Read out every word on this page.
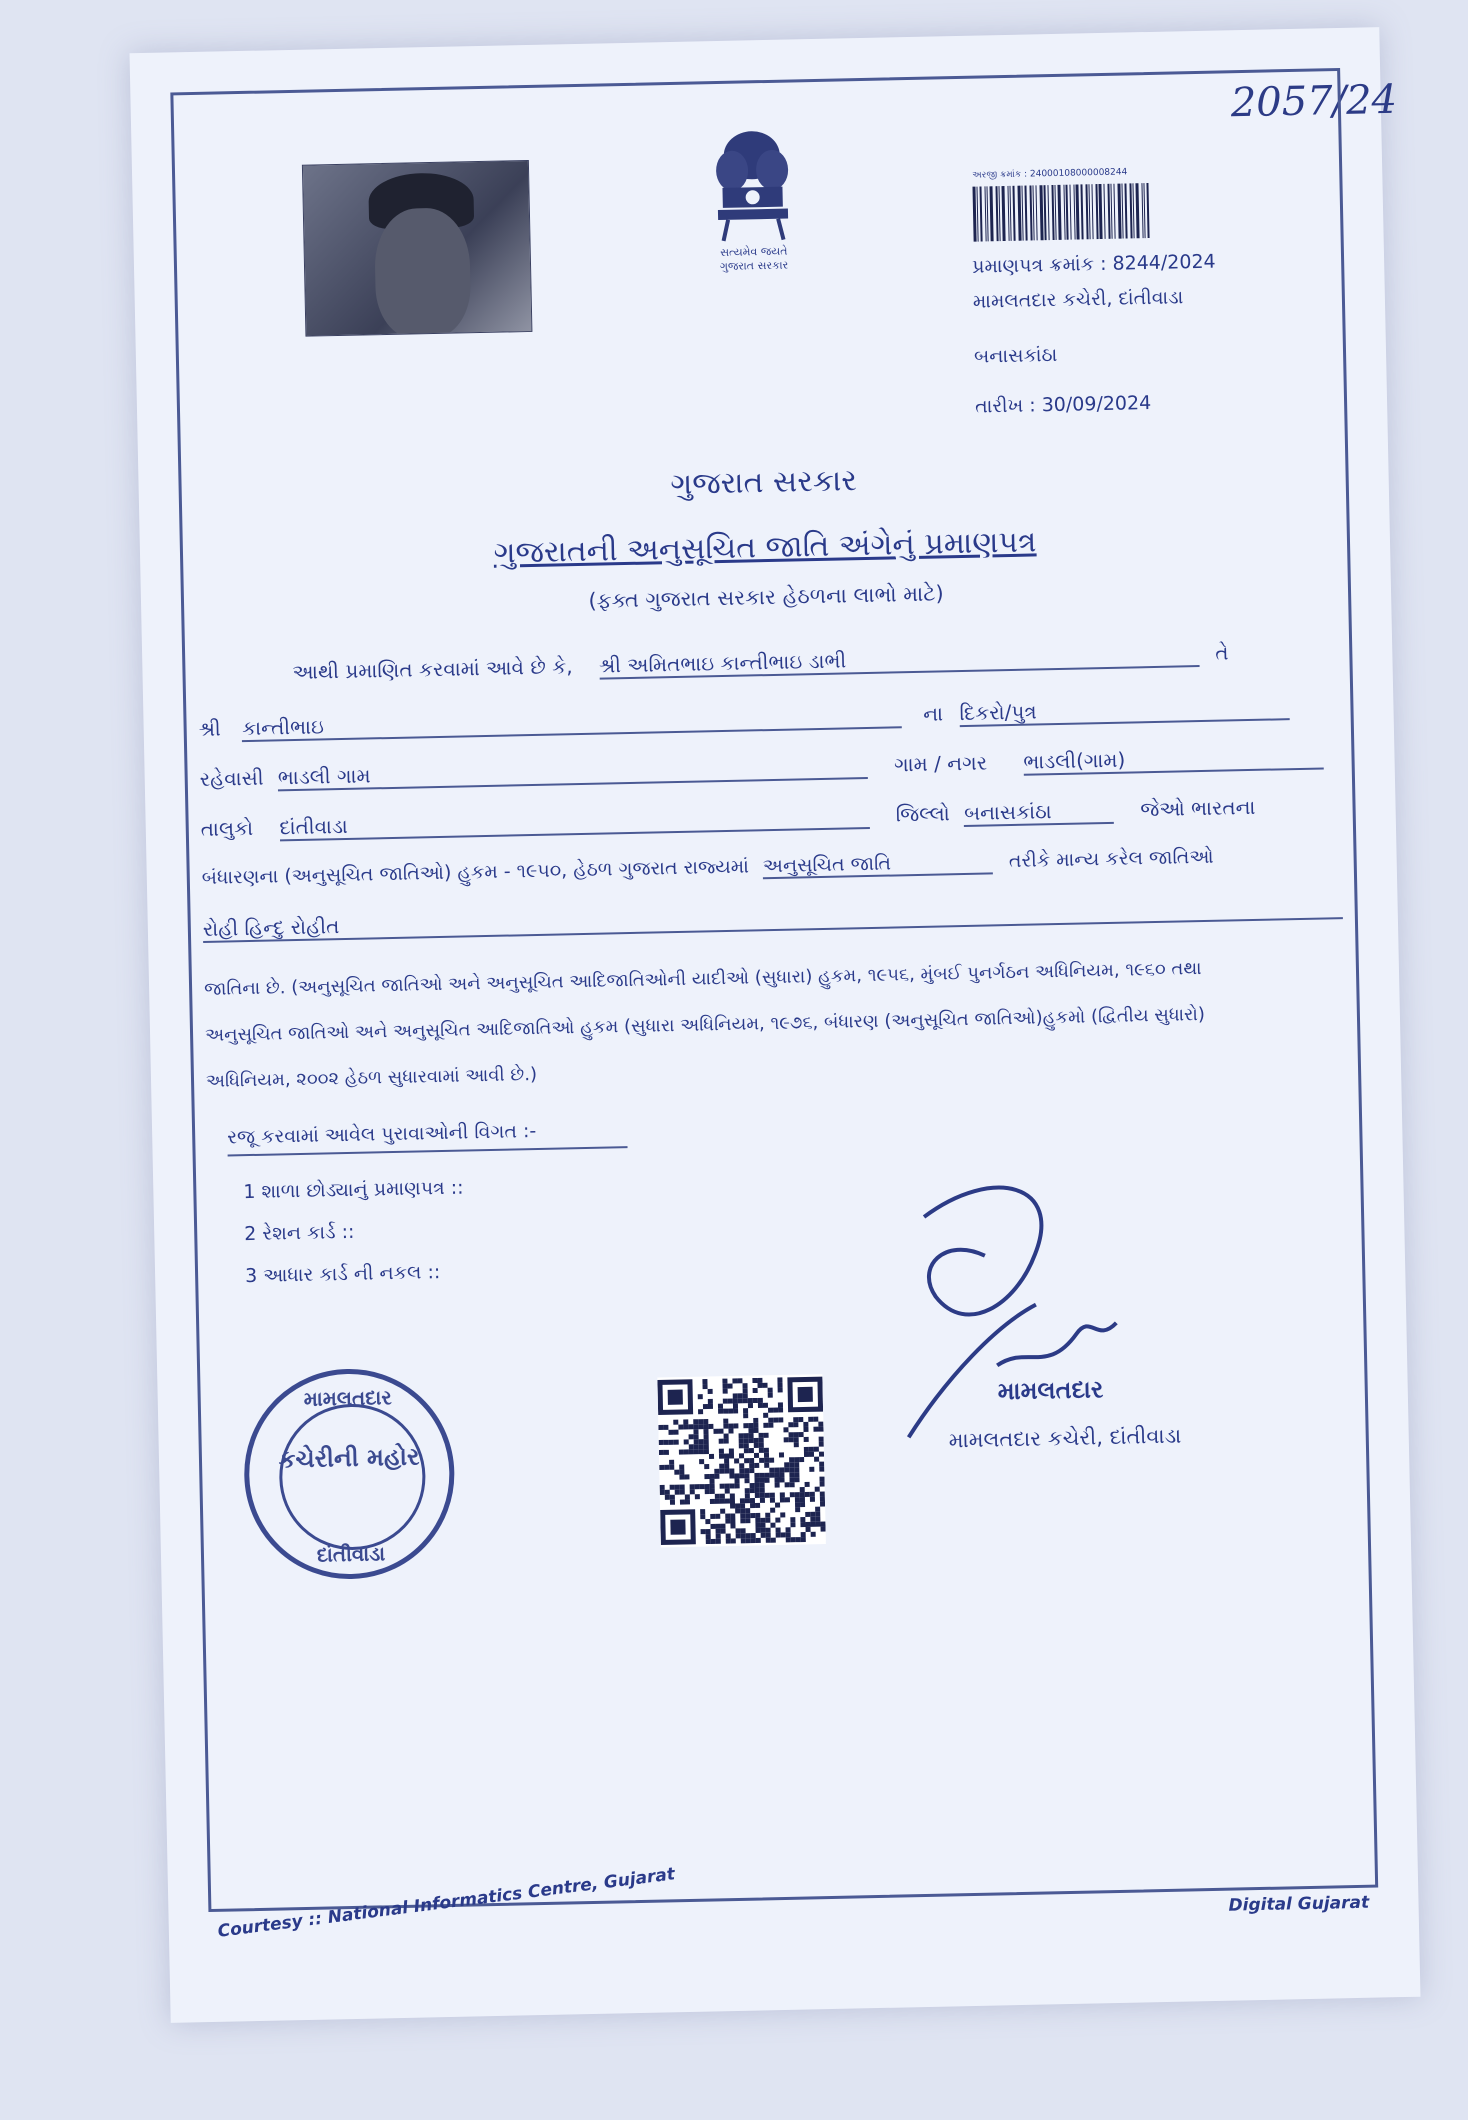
2057/24
સત્યમેવ જયતે
ગુજરાત સરકાર
અરજી ક્રમાંક : 24000108000008244
પ્રમાણપત્ર ક્રમાંક : 8244/2024
મામલતદાર કચેરી, દાંતીવાડા
બનાસકાંઠા
તારીખ : 30/09/2024
ગુજરાત સરકાર
ગુજરાતની અનુસૂચિત જાતિ અંગેનું પ્રમાણપત્ર
(ફક્ત ગુજરાત સરકાર હેઠળના લાભો માટે)
આથી પ્રમાણિત કરવામાં આવે છે કે, શ્રી અમિતભાઇ કાન્તીભાઇ ડાભી	તે
શ્રી કાન્તીભાઇ ના દિકરો/પુત્ર
રહેવાસી ભાડલી ગામ	ગામ / નગર ભાડલી(ગામ)
તાલુકો દાંતીવાડા જિલ્લો બનાસકાંઠા	જેઓ ભારતના
બંધારણના (અનુસૂચિત જાતિઓ) હુકમ - ૧૯૫૦, હેઠળ ગુજરાત રાજ્યમાં અનુસૂચિત જાતિ	તરીકે માન્ય કરેલ જાતિઓ
રોહી હિન્દુ રોહીત
જાતિના છે. (અનુસૂચિત જાતિઓ અને અનુસૂચિત આદિજાતિઓની યાદીઓ (સુધારા) હુકમ, ૧૯૫૬, મુંબઈ પુનર્ગઠન અધિનિયમ, ૧૯૬૦ તથા
અનુસૂચિત જાતિઓ અને અનુસૂચિત આદિજાતિઓ હુકમ (સુધારા અધિનિયમ, ૧૯૭૬, બંધારણ (અનુસૂચિત જાતિઓ)હુકમો (દ્વિતીય સુધારો)
અધિનિયમ, ૨૦૦૨ હેઠળ સુધારવામાં આવી છે.)
રજૂ કરવામાં આવેલ પુરાવાઓની વિગત :-
1 શાળા છોડ્યાનું પ્રમાણપત્ર ::
2 રેશન કાર્ડ ::
3 આધાર કાર્ડ ની નકલ ::
મામલતદાર
કચેરીની મહોર
દાંતીવાડા
મામલતદાર
મામલતદાર કચેરી, દાંતીવાડા
Courtesy :: National Informatics Centre, Gujarat	Digital Gujarat
